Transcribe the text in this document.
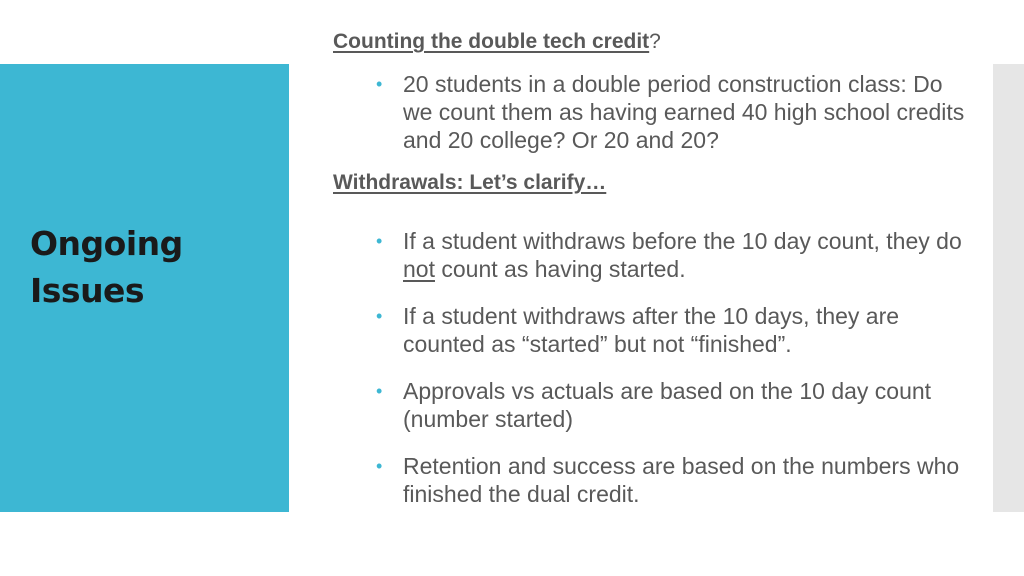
Ongoing
Issues

Counting the double tech credit?

• 20 students in a double period construction class: Do we count them as having earned 40 high school credits and 20 college? Or 20 and 20?

Withdrawals: Let’s clarify…

• If a student withdraws before the 10 day count, they do not count as having started.
• If a student withdraws after the 10 days, they are counted as “started” but not “finished”.
• Approvals vs actuals are based on the 10 day count (number started)
• Retention and success are based on the numbers who finished the dual credit.
